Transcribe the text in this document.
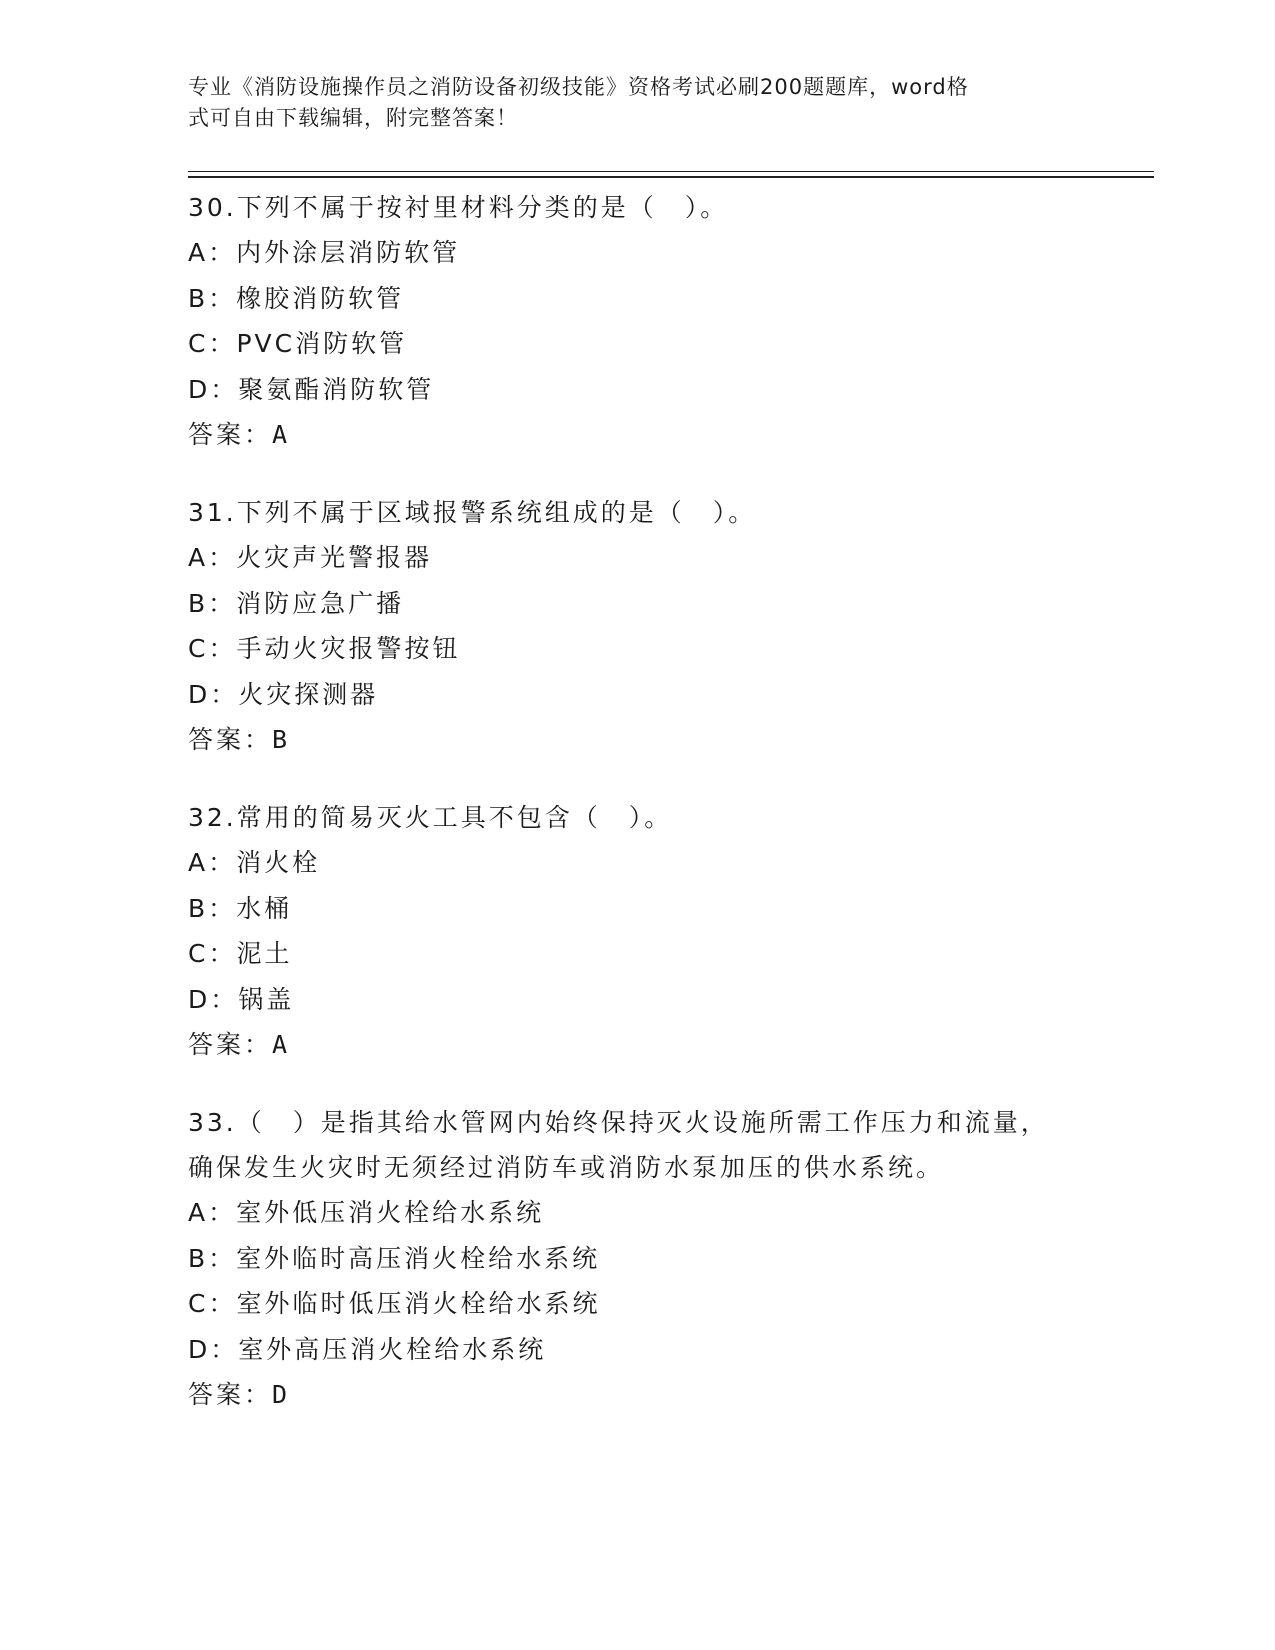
专业《消防设施操作员之消防设备初级技能》资格考试必刷200题题库，word格
式可自由下载编辑，附完整答案！
30.下列不属于按衬里材料分类的是（　）。
A：内外涂层消防软管
B：橡胶消防软管
C：PVC消防软管
D：聚氨酯消防软管
答案：A
31.下列不属于区域报警系统组成的是（　）。
A：火灾声光警报器
B：消防应急广播
C：手动火灾报警按钮
D：火灾探测器
答案：B
32.常用的简易灭火工具不包含（　）。
A：消火栓
B：水桶
C：泥土
D：锅盖
答案：A
33.（　）是指其给水管网内始终保持灭火设施所需工作压力和流量，
确保发生火灾时无须经过消防车或消防水泵加压的供水系统。
A：室外低压消火栓给水系统
B：室外临时高压消火栓给水系统
C：室外临时低压消火栓给水系统
D：室外高压消火栓给水系统
答案：D
